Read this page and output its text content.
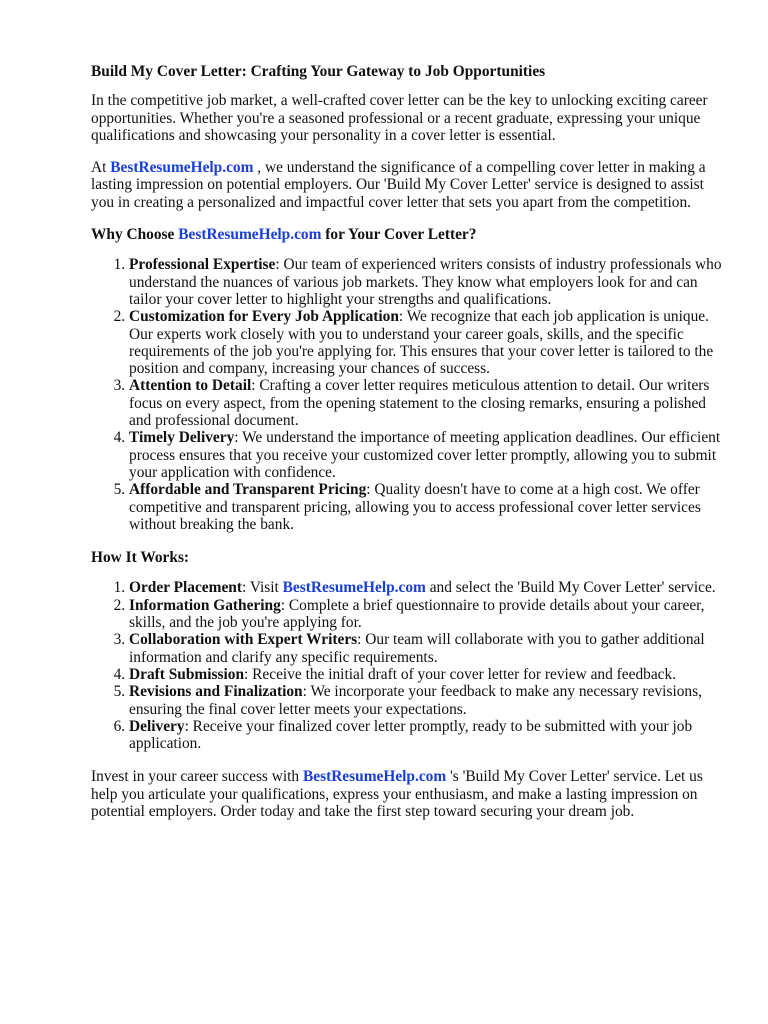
Build My Cover Letter: Crafting Your Gateway to Job Opportunities

In the competitive job market, a well-crafted cover letter can be the key to unlocking exciting career opportunities. Whether you're a seasoned professional or a recent graduate, expressing your unique qualifications and showcasing your personality in a cover letter is essential.

At BestResumeHelp.com , we understand the significance of a compelling cover letter in making a lasting impression on potential employers. Our 'Build My Cover Letter' service is designed to assist you in creating a personalized and impactful cover letter that sets you apart from the competition.

Why Choose BestResumeHelp.com for Your Cover Letter?
1. Professional Expertise: Our team of experienced writers consists of industry professionals who understand the nuances of various job markets. They know what employers look for and can tailor your cover letter to highlight your strengths and qualifications.
2. Customization for Every Job Application: We recognize that each job application is unique. Our experts work closely with you to understand your career goals, skills, and the specific requirements of the job you're applying for. This ensures that your cover letter is tailored to the position and company, increasing your chances of success.
3. Attention to Detail: Crafting a cover letter requires meticulous attention to detail. Our writers focus on every aspect, from the opening statement to the closing remarks, ensuring a polished and professional document.
4. Timely Delivery: We understand the importance of meeting application deadlines. Our efficient process ensures that you receive your customized cover letter promptly, allowing you to submit your application with confidence.
5. Affordable and Transparent Pricing: Quality doesn't have to come at a high cost. We offer competitive and transparent pricing, allowing you to access professional cover letter services without breaking the bank.
How It Works:
1. Order Placement: Visit BestResumeHelp.com and select the 'Build My Cover Letter' service.
2. Information Gathering: Complete a brief questionnaire to provide details about your career, skills, and the job you're applying for.
3. Collaboration with Expert Writers: Our team will collaborate with you to gather additional information and clarify any specific requirements.
4. Draft Submission: Receive the initial draft of your cover letter for review and feedback.
5. Revisions and Finalization: We incorporate your feedback to make any necessary revisions, ensuring the final cover letter meets your expectations.
6. Delivery: Receive your finalized cover letter promptly, ready to be submitted with your job application.

Invest in your career success with BestResumeHelp.com 's 'Build My Cover Letter' service. Let us help you articulate your qualifications, express your enthusiasm, and make a lasting impression on potential employers. Order today and take the first step toward securing your dream job.
